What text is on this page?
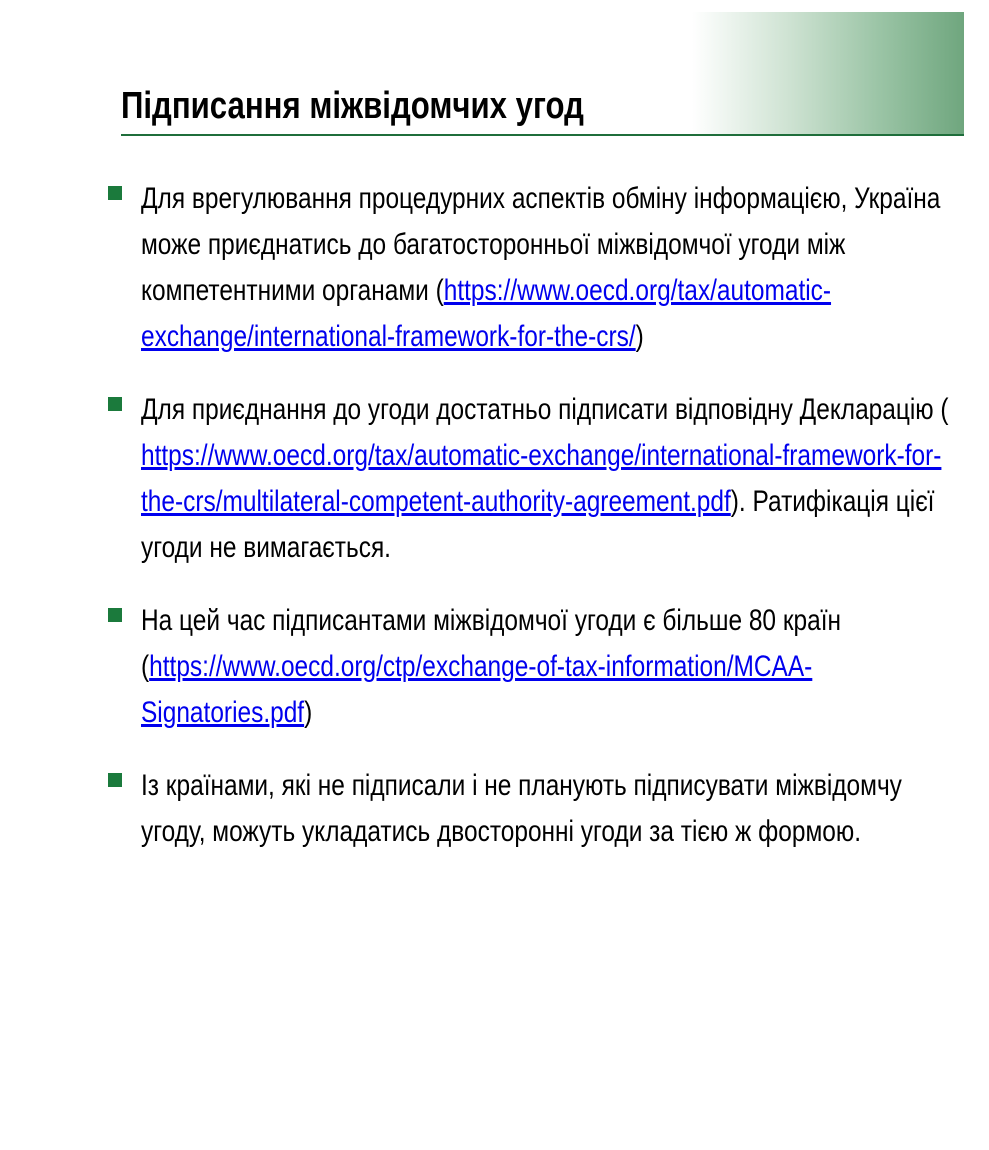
Підписання міжвідомчих угод
Для врегулювання процедурних аспектів обміну інформацією, Україна
може приєднатись до багатосторонньої міжвідомчої угоди між
компетентними органами (https://www.oecd.org/tax/automatic-
exchange/international-framework-for-the-crs/)
Для приєднання до угоди достатньо підписати відповідну Декларацію (
https://www.oecd.org/tax/automatic-exchange/international-framework-for-
the-crs/multilateral-competent-authority-agreement.pdf). Ратифікація цієї
угоди не вимагається.
На цей час підписантами міжвідомчої угоди є більше 80 країн
(https://www.oecd.org/ctp/exchange-of-tax-information/MCAA-
Signatories.pdf)
Із країнами, які не підписали і не планують підписувати міжвідомчу
угоду, можуть укладатись двосторонні угоди за тією ж формою.
